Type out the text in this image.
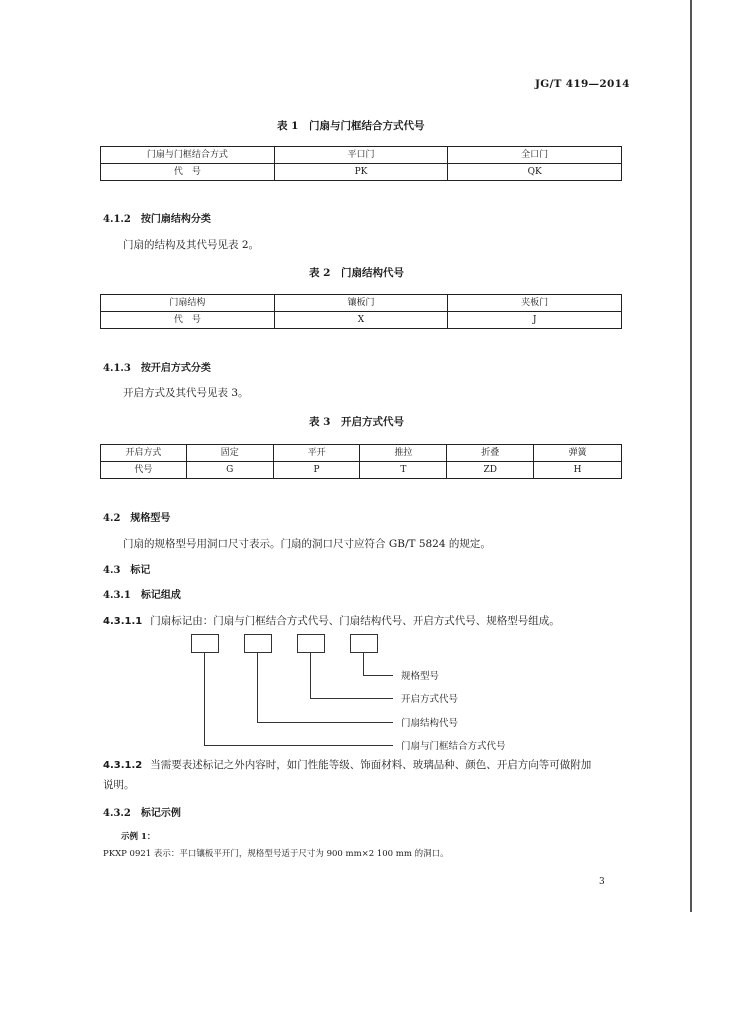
JG/T 419—2014
表 1　门扇与门框结合方式代号
门扇与门框结合方式	平口门	全口门
代　号	PK	QK
4.1.2　按门扇结构分类
门扇的结构及其代号见表 2。
表 2　门扇结构代号
门扇结构	镶板门	夹板门
代　号	X	J
4.1.3　按开启方式分类
开启方式及其代号见表 3。
表 3　开启方式代号
开启方式	固定	平开	推拉	折叠	弹簧
代号	G	P	T	ZD	H
4.2　规格型号
门扇的规格型号用洞口尺寸表示。门扇的洞口尺寸应符合 GB/T 5824 的规定。
4.3　标记
4.3.1　标记组成
4.3.1.1 门扇标记由：门扇与门框结合方式代号、门扇结构代号、开启方式代号、规格型号组成。
规格型号
开启方式代号
门扇结构代号
门扇与门框结合方式代号
4.3.1.2 当需要表述标记之外内容时，如门性能等级、饰面材料、玻璃品种、颜色、开启方向等可做附加
说明。
4.3.2　标记示例
示例 1：
PKXP 0921 表示：平口镶板平开门，规格型号适于尺寸为 900 mm×2 100 mm 的洞口。
3
